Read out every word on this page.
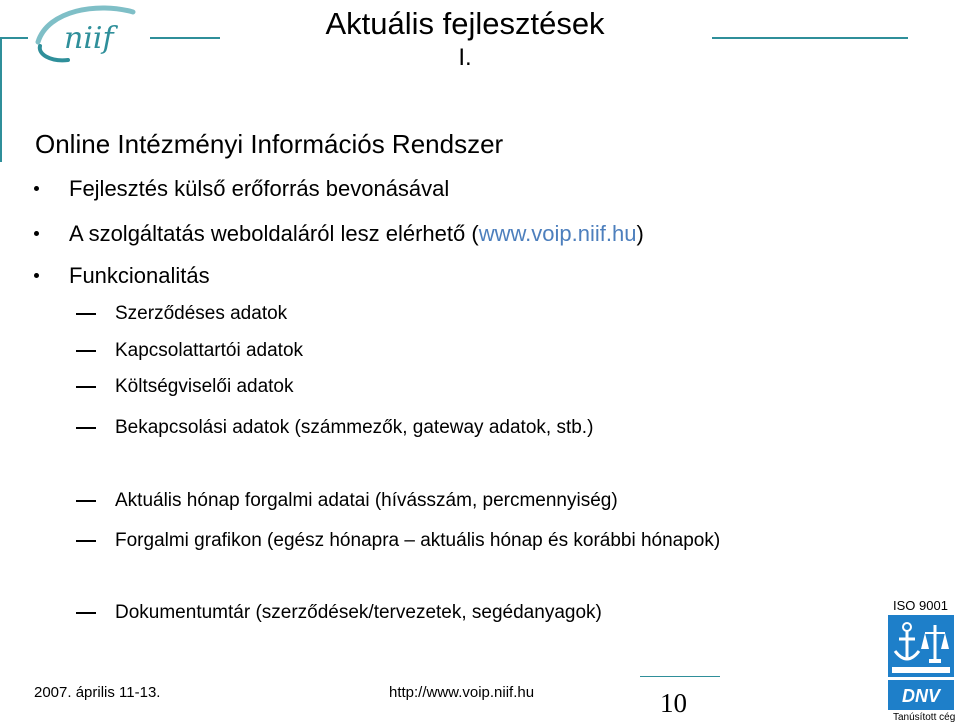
niif	Aktuális fejlesztések
I.
Online Intézményi Információs Rendszer
Fejlesztés külső erőforrás bevonásával
A szolgáltatás weboldaláról lesz elérhető (www.voip.niif.hu)
Funkcionalitás
Szerződéses adatok
Kapcsolattartói adatok
Költségviselői adatok
Bekapcsolási adatok (számmezők, gateway adatok, stb.)
Aktuális hónap forgalmi adatai (hívásszám, percmennyiség)
Forgalmi grafikon (egész hónapra – aktuális hónap és korábbi hónapok)
Dokumentumtár (szerződések/tervezetek, segédanyagok)
2007. április 11-13.	http://www.voip.niif.hu	10
ISO 9001
DNV
Tanúsított cég
